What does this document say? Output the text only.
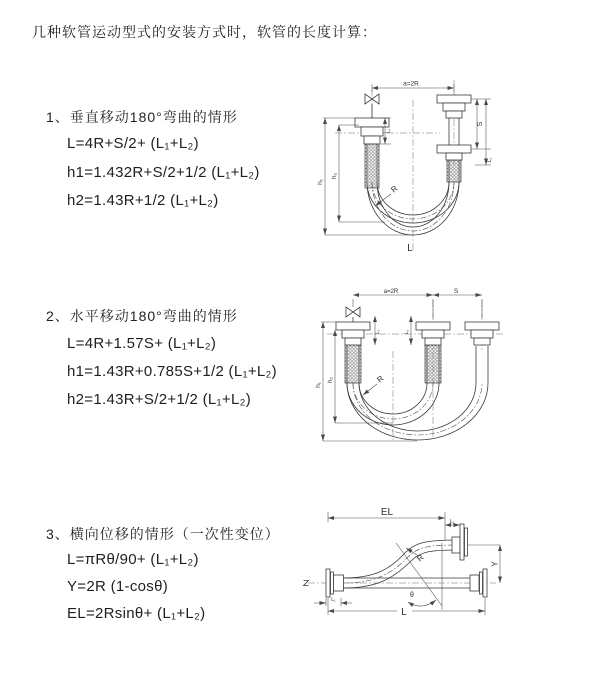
几种软管运动型式的安装方式时，软管的长度计算：
1、垂直移动180°弯曲的情形
L=4R+S/2+ (L₁+L₂)
h1=1.432R+S/2+1/2 (L₁+L₂)
h2=1.43R+1/2 (L₁+L₂)
2、水平移动180°弯曲的情形
L=4R+1.57S+ (L₁+L₂)
h1=1.43R+0.785S+1/2 (L₁+L₂)
h2=1.43R+S/2+1/2 (L₁+L₂)
3、横向位移的情形（一次性变位）
L=πRθ/90+ (L₁+L₂)
Y=2R (1-cosθ)
EL=2Rsinθ+ (L₁+L₂)
a=2R
h₁
h₂
S
L₂
L₁
R
L
a=2R	S
h₁
h₂
L₁	L₂
R
EL
L₂
Y
θ
R
L
L₁
